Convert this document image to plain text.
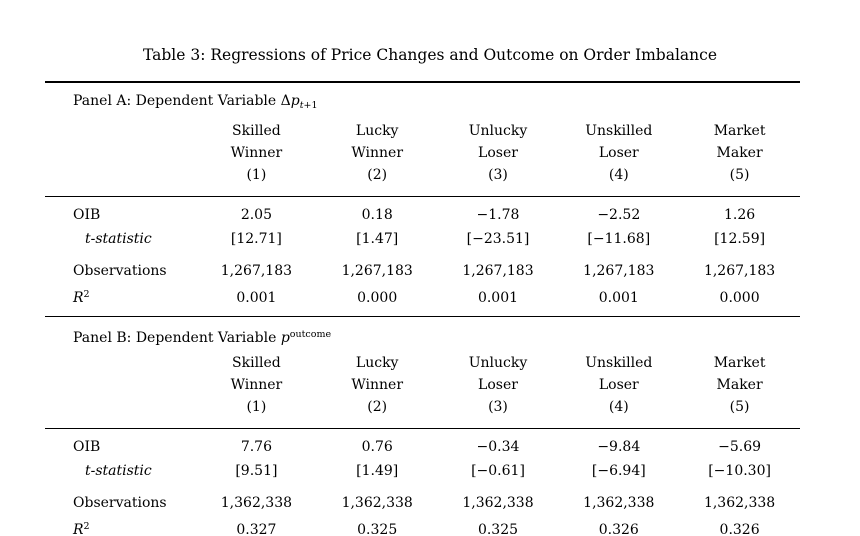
Table 3: Regressions of Price Changes and Outcome on Order Imbalance
Panel A: Dependent Variable $\Delta p_{t+1}$
	Skilled	Lucky	Unlucky	Unskilled	Market
	Winner	Winner	Loser	Loser	Maker
	(1)	(2)	(3)	(4)	(5)
OIB	2.05	0.18	−1.78	−2.52	1.26
t-statistic	[12.71]	[1.47]	[−23.51]	[−11.68]	[12.59]
Observations	1,267,183	1,267,183	1,267,183	1,267,183	1,267,183
$R^2$	0.001	0.000	0.001	0.001	0.000
Panel B: Dependent Variable $p^{outcome}$
	Skilled	Lucky	Unlucky	Unskilled	Market
	Winner	Winner	Loser	Loser	Maker
	(1)	(2)	(3)	(4)	(5)
OIB	7.76	0.76	−0.34	−9.84	−5.69
t-statistic	[9.51]	[1.49]	[−0.61]	[−6.94]	[−10.30]
Observations	1,362,338	1,362,338	1,362,338	1,362,338	1,362,338
$R^2$	0.327	0.325	0.325	0.326	0.326
